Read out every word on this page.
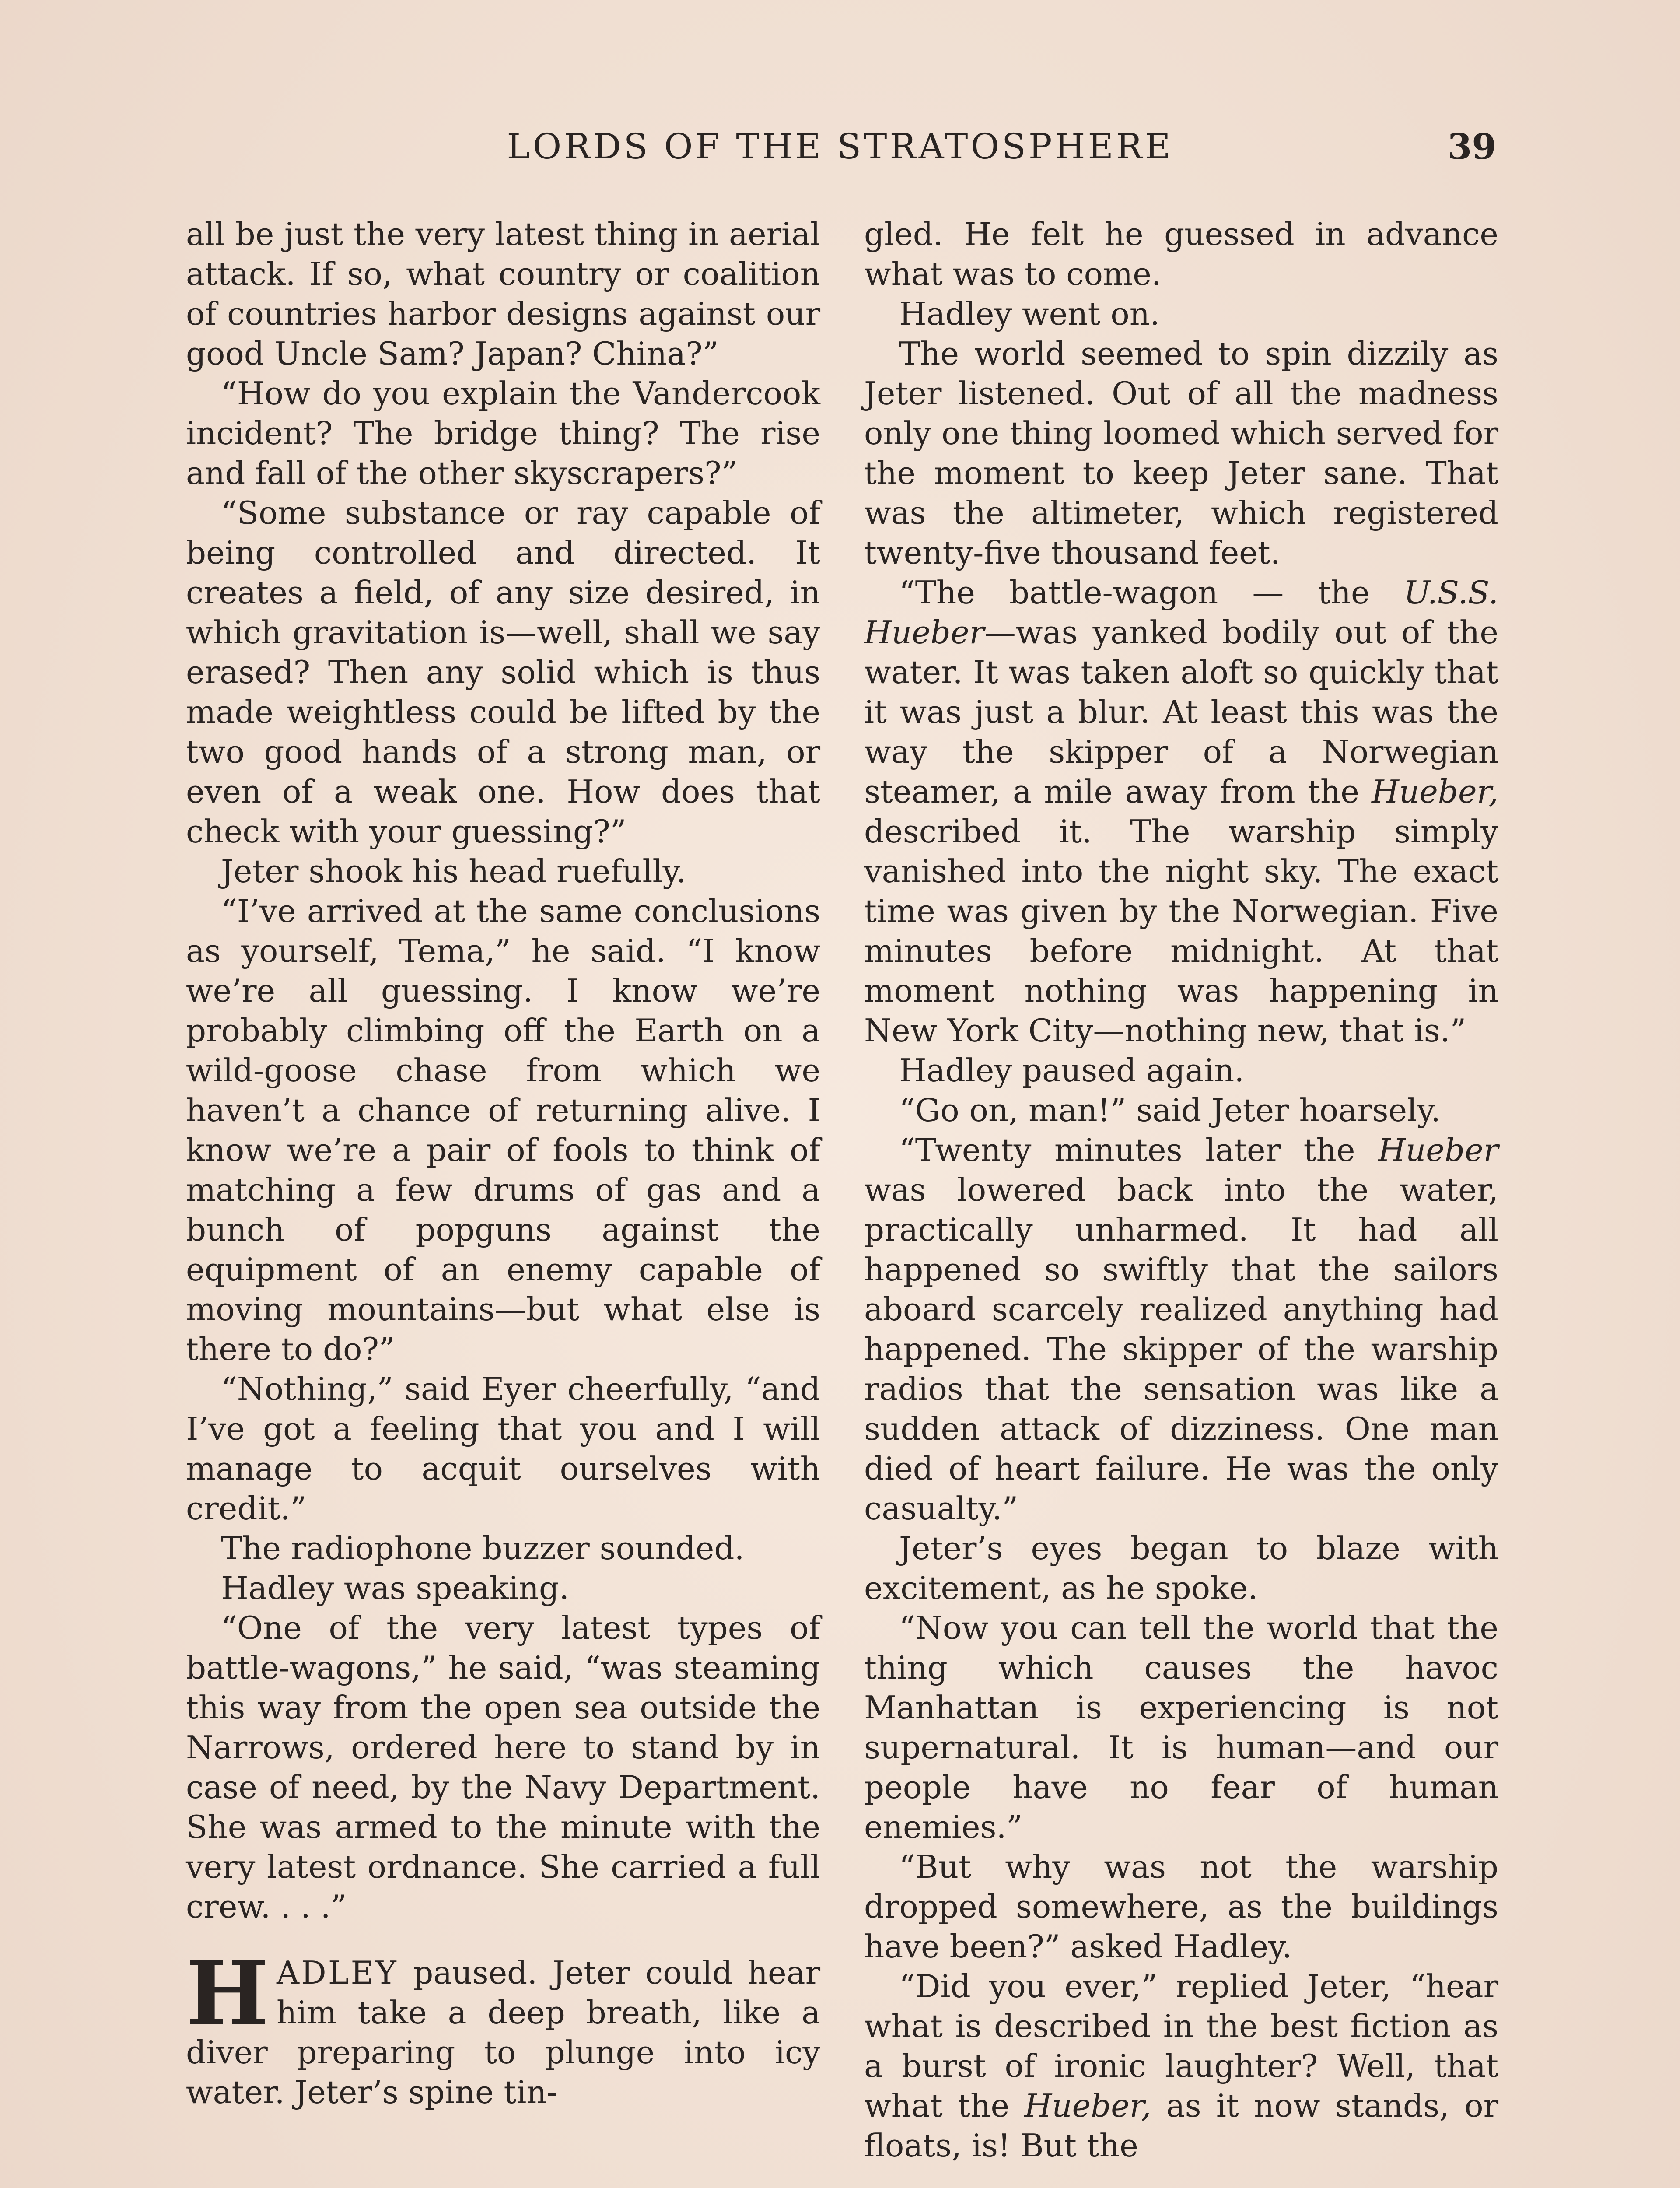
LORDS OF THE STRATOSPHERE	39

all be just the very latest thing in aerial attack. If so, what country or coalition of countries harbor designs against our good Uncle Sam? Japan? China?”

“How do you explain the Vandercook incident? The bridge thing? The rise and fall of the other skyscrapers?”

“Some substance or ray capable of being controlled and directed. It creates a field, of any size desired, in which gravitation is—well, shall we say erased? Then any solid which is thus made weightless could be lifted by the two good hands of a strong man, or even of a weak one. How does that check with your guessing?”

Jeter shook his head ruefully.

“I’ve arrived at the same conclusions as yourself, Tema,” he said. “I know we’re all guessing. I know we’re probably climbing off the Earth on a wild-goose chase from which we haven’t a chance of returning alive. I know we’re a pair of fools to think of matching a few drums of gas and a bunch of popguns against the equipment of an enemy capable of moving mountains—but what else is there to do?”

“Nothing,” said Eyer cheerfully, “and I’ve got a feeling that you and I will manage to acquit ourselves with credit.”

The radiophone buzzer sounded.

Hadley was speaking.

“One of the very latest types of battle-wagons,” he said, “was steaming this way from the open sea outside the Narrows, ordered here to stand by in case of need, by the Navy Department. She was armed to the minute with the very latest ordnance. She carried a full crew. . . .”

HADLEY paused. Jeter could hear him take a deep breath, like a diver preparing to plunge into icy water. Jeter’s spine tin-

gled. He felt he guessed in advance what was to come.

Hadley went on.

The world seemed to spin dizzily as Jeter listened. Out of all the madness only one thing loomed which served for the moment to keep Jeter sane. That was the altimeter, which registered twenty-five thousand feet.

“The battle-wagon — the U.S.S. Hueber—was yanked bodily out of the water. It was taken aloft so quickly that it was just a blur. At least this was the way the skipper of a Norwegian steamer, a mile away from the Hueber, described it. The warship simply vanished into the night sky. The exact time was given by the Norwegian. Five minutes before midnight. At that moment nothing was happening in New York City—nothing new, that is.”

Hadley paused again.

“Go on, man!” said Jeter hoarsely.

“Twenty minutes later the Hueber was lowered back into the water, practically unharmed. It had all happened so swiftly that the sailors aboard scarcely realized anything had happened. The skipper of the warship radios that the sensation was like a sudden attack of dizziness. One man died of heart failure. He was the only casualty.”

Jeter’s eyes began to blaze with excitement, as he spoke.

“Now you can tell the world that the thing which causes the havoc Manhattan is experiencing is not supernatural. It is human—and our people have no fear of human enemies.”

“But why was not the warship dropped somewhere, as the buildings have been?” asked Hadley.

“Did you ever,” replied Jeter, “hear what is described in the best fiction as a burst of ironic laughter? Well, that what the Hueber, as it now stands, or floats, is! But the
